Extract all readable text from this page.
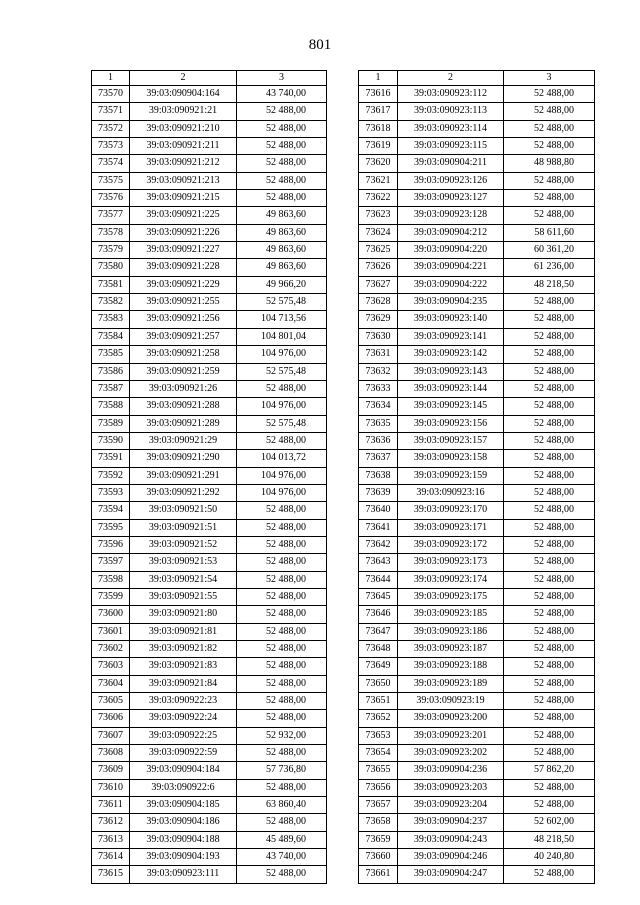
801
1	2	3
73570	39:03:090904:164	43 740,00
73571	39:03:090921:21	52 488,00
73572	39:03:090921:210	52 488,00
73573	39:03:090921:211	52 488,00
73574	39:03:090921:212	52 488,00
73575	39:03:090921:213	52 488,00
73576	39:03:090921:215	52 488,00
73577	39:03:090921:225	49 863,60
73578	39:03:090921:226	49 863,60
73579	39:03:090921:227	49 863,60
73580	39:03:090921:228	49 863,60
73581	39:03:090921:229	49 966,20
73582	39:03:090921:255	52 575,48
73583	39:03:090921:256	104 713,56
73584	39:03:090921:257	104 801,04
73585	39:03:090921:258	104 976,00
73586	39:03:090921:259	52 575,48
73587	39:03:090921:26	52 488,00
73588	39:03:090921:288	104 976,00
73589	39:03:090921:289	52 575,48
73590	39:03:090921:29	52 488,00
73591	39:03:090921:290	104 013,72
73592	39:03:090921:291	104 976,00
73593	39:03:090921:292	104 976,00
73594	39:03:090921:50	52 488,00
73595	39:03:090921:51	52 488,00
73596	39:03:090921:52	52 488,00
73597	39:03:090921:53	52 488,00
73598	39:03:090921:54	52 488,00
73599	39:03:090921:55	52 488,00
73600	39:03:090921:80	52 488,00
73601	39:03:090921:81	52 488,00
73602	39:03:090921:82	52 488,00
73603	39:03:090921:83	52 488,00
73604	39:03:090921:84	52 488,00
73605	39:03:090922:23	52 488,00
73606	39:03:090922:24	52 488,00
73607	39:03:090922:25	52 932,00
73608	39:03:090922:59	52 488,00
73609	39:03:090904:184	57 736,80
73610	39:03:090922:6	52 488,00
73611	39:03:090904:185	63 860,40
73612	39:03:090904:186	52 488,00
73613	39:03:090904:188	45 489,60
73614	39:03:090904:193	43 740,00
73615	39:03:090923:111	52 488,00
1	2	3
73616	39:03:090923:112	52 488,00
73617	39:03:090923:113	52 488,00
73618	39:03:090923:114	52 488,00
73619	39:03:090923:115	52 488,00
73620	39:03:090904:211	48 988,80
73621	39:03:090923:126	52 488,00
73622	39:03:090923:127	52 488,00
73623	39:03:090923:128	52 488,00
73624	39:03:090904:212	58 611,60
73625	39:03:090904:220	60 361,20
73626	39:03:090904:221	61 236,00
73627	39:03:090904:222	48 218,50
73628	39:03:090904:235	52 488,00
73629	39:03:090923:140	52 488,00
73630	39:03:090923:141	52 488,00
73631	39:03:090923:142	52 488,00
73632	39:03:090923:143	52 488,00
73633	39:03:090923:144	52 488,00
73634	39:03:090923:145	52 488,00
73635	39:03:090923:156	52 488,00
73636	39:03:090923:157	52 488,00
73637	39:03:090923:158	52 488,00
73638	39:03:090923:159	52 488,00
73639	39:03:090923:16	52 488,00
73640	39:03:090923:170	52 488,00
73641	39:03:090923:171	52 488,00
73642	39:03:090923:172	52 488,00
73643	39:03:090923:173	52 488,00
73644	39:03:090923:174	52 488,00
73645	39:03:090923:175	52 488,00
73646	39:03:090923:185	52 488,00
73647	39:03:090923:186	52 488,00
73648	39:03:090923:187	52 488,00
73649	39:03:090923:188	52 488,00
73650	39:03:090923:189	52 488,00
73651	39:03:090923:19	52 488,00
73652	39:03:090923:200	52 488,00
73653	39:03:090923:201	52 488,00
73654	39:03:090923:202	52 488,00
73655	39:03:090904:236	57 862,20
73656	39:03:090923:203	52 488,00
73657	39:03:090923:204	52 488,00
73658	39:03:090904:237	52 602,00
73659	39:03:090904:243	48 218,50
73660	39:03:090904:246	40 240,80
73661	39:03:090904:247	52 488,00
